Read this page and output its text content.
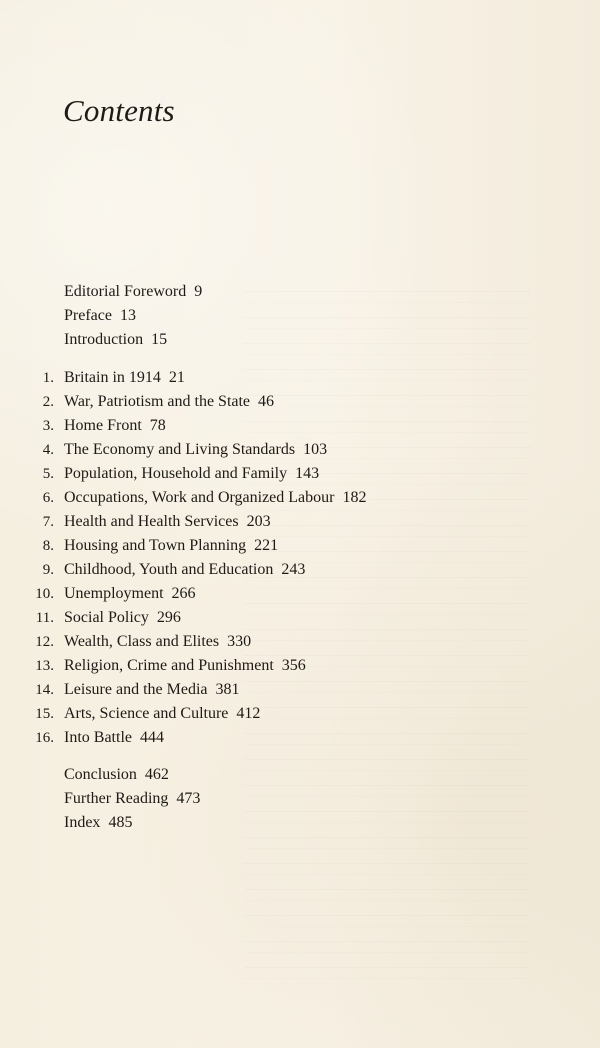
Contents
Editorial Foreword 9
Preface 13
Introduction 15
1. Britain in 1914 21
2. War, Patriotism and the State 46
3. Home Front 78
4. The Economy and Living Standards 103
5. Population, Household and Family 143
6. Occupations, Work and Organized Labour 182
7. Health and Health Services 203
8. Housing and Town Planning 221
9. Childhood, Youth and Education 243
10. Unemployment 266
11. Social Policy 296
12. Wealth, Class and Elites 330
13. Religion, Crime and Punishment 356
14. Leisure and the Media 381
15. Arts, Science and Culture 412
16. Into Battle 444
Conclusion 462
Further Reading 473
Index 485
